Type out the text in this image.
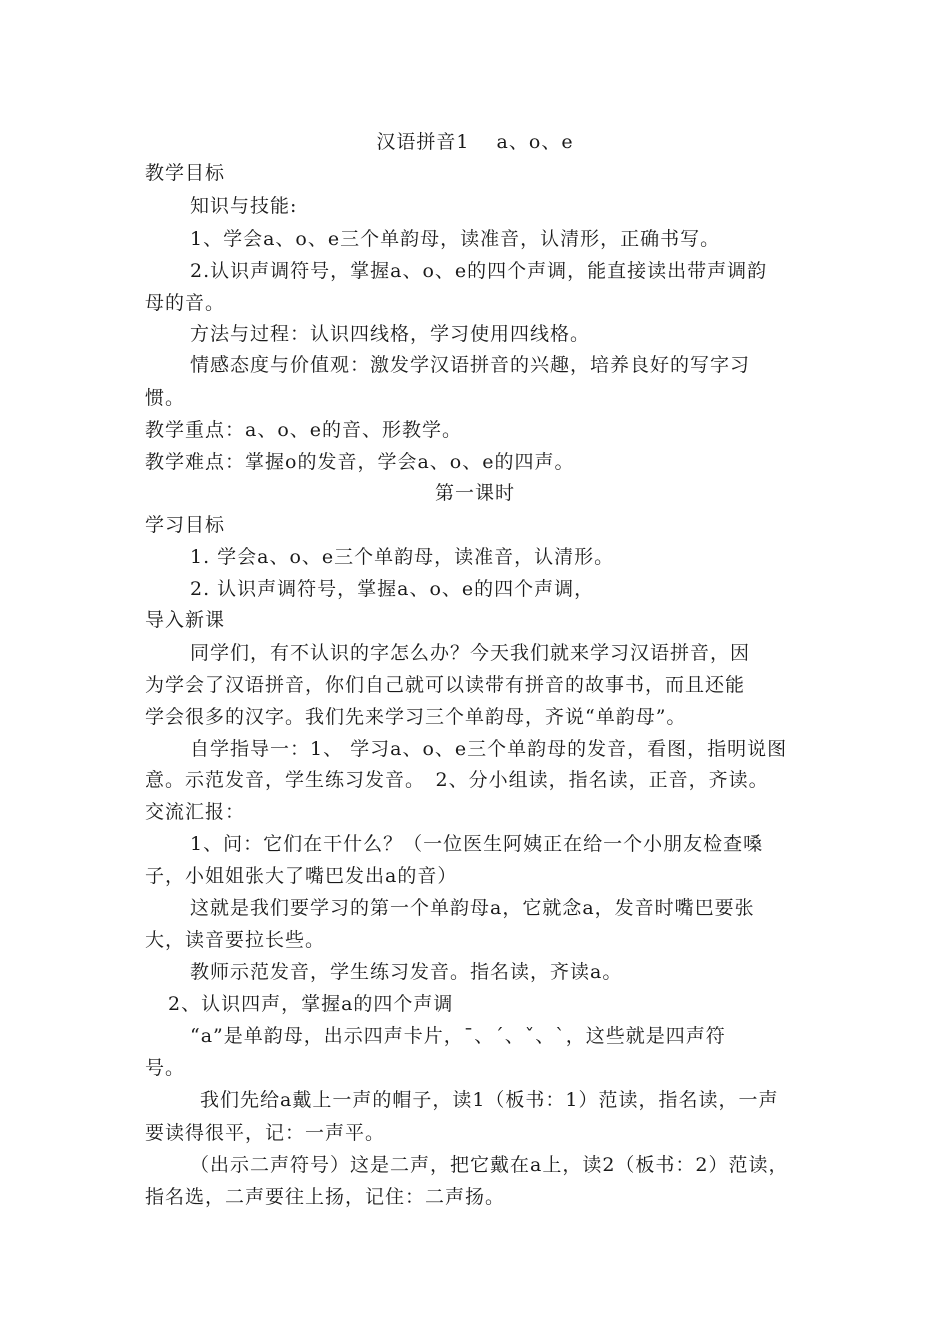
汉语拼音1　 a、o、e
教学目标
知识与技能:
1、学会a、o、e三个单韵母，读准音，认清形，正确书写。
2.认识声调符号，掌握a、o、e的四个声调，能直接读出带声调韵
母的音。
方法与过程：认识四线格，学习使用四线格。
情感态度与价值观：激发学汉语拼音的兴趣，培养良好的写字习
惯。
教学重点：a、o、e的音、形教学。
教学难点：掌握o的发音，学会a、o、e的四声。
第一课时
学习目标
1. 学会a、o、e三个单韵母，读准音，认清形。
2. 认识声调符号，掌握a、o、e的四个声调，
导入新课
同学们，有不认识的字怎么办？今天我们就来学习汉语拼音，因
为学会了汉语拼音，你们自己就可以读带有拼音的故事书，而且还能
学会很多的汉字。我们先来学习三个单韵母，齐说“单韵母”。
自学指导一：1、 学习a、o、e三个单韵母的发音，看图，指明说图
意。示范发音，学生练习发音。　2、分小组读，指名读，正音，齐读。
交流汇报：
1、问：它们在干什么？（一位医生阿姨正在给一个小朋友检查嗓
子，小姐姐张大了嘴巴发出a的音）
这就是我们要学习的第一个单韵母a，它就念a，发音时嘴巴要张
大，读音要拉长些。
教师示范发音，学生练习发音。指名读，齐读a。
2、认识四声，掌握a的四个声调
“a”是单韵母，出示四声卡片，ˉ、ˊ、ˇ、ˋ，这些就是四声符
号。
我们先给a戴上一声的帽子，读1（板书：1）范读，指名读，一声
要读得很平，记：一声平。
（出示二声符号）这是二声，把它戴在a上，读2（板书：2）范读，
指名选，二声要往上扬，记住：二声扬。
